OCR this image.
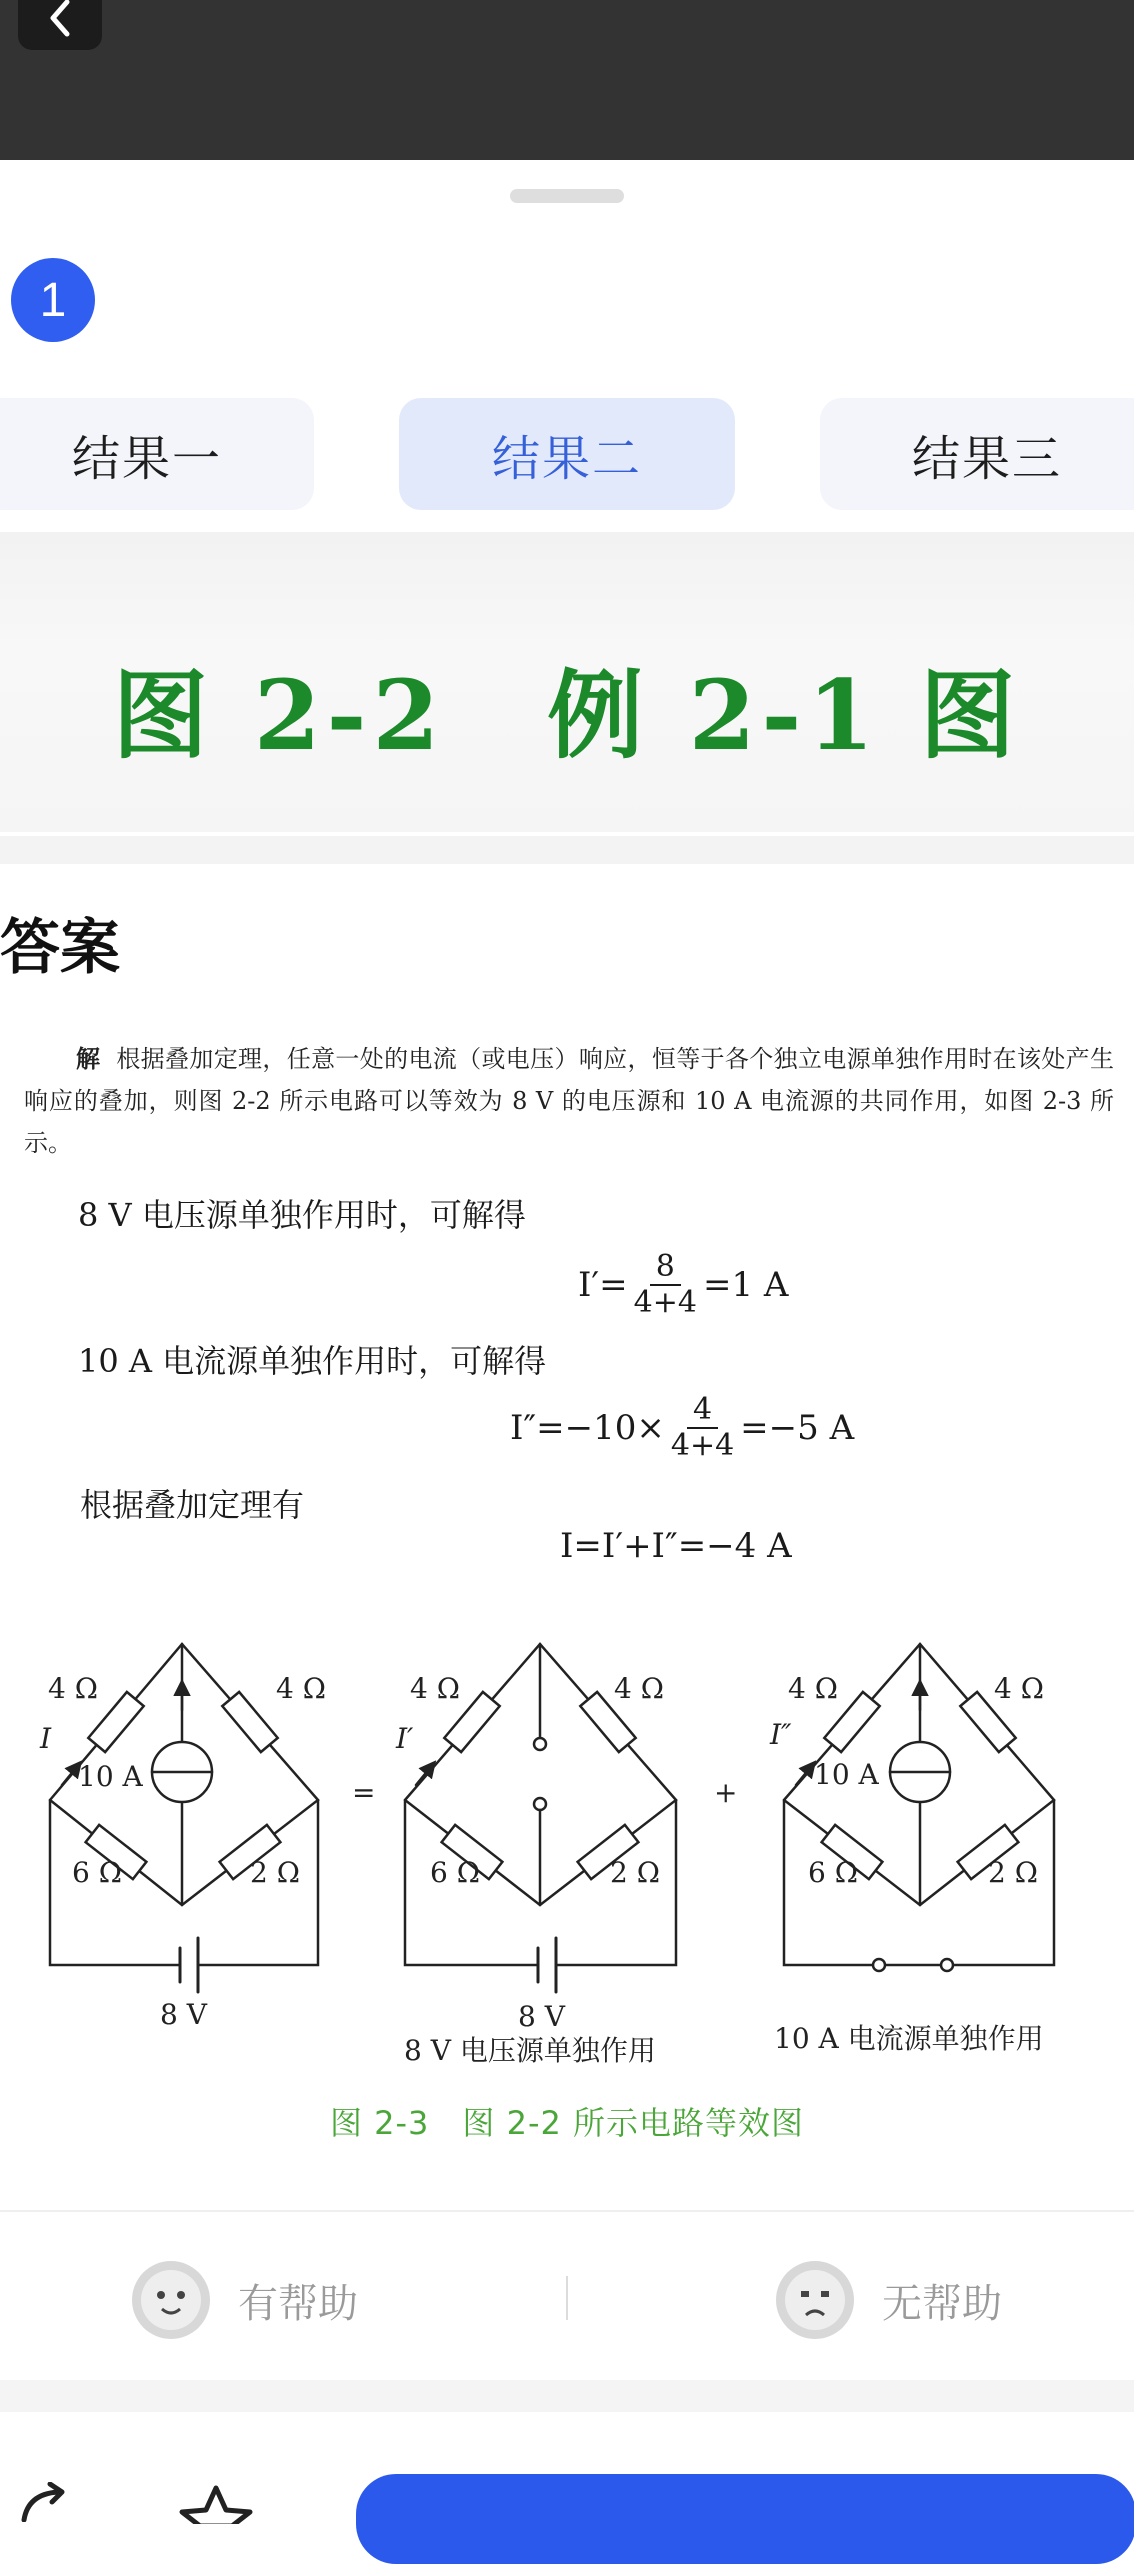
1
结果一	结果二	结果三
图 2-2　例 2-1 图
答案
解 根据叠加定理，任意一处的电流（或电压）响应，恒等于各个独立电源单独作用时在该处产生响应的叠加，则图 2-2 所示电路可以等效为 8 V 的电压源和 10 A 电流源的共同作用，如图 2-3 所示。
8 V 电压源单独作用时，可解得
$I'= \frac{8}{4+4} =1$ A
10 A 电流源单独作用时，可解得
$I''=-10\times \frac{4}{4+4} =-5$ A
根据叠加定理有
I=I′+I″=−4 A
4 Ω	4 Ω
6 Ω	2 Ω
I
10 A
8 V
=
4 Ω	4 Ω
6 Ω	2 Ω
I′
8 V
8 V 电压源单独作用
+
4 Ω	4 Ω
6 Ω	2 Ω
I″
10 A
10 A 电流源单独作用
图 2-3　图 2-2 所示电路等效图
有帮助	无帮助
